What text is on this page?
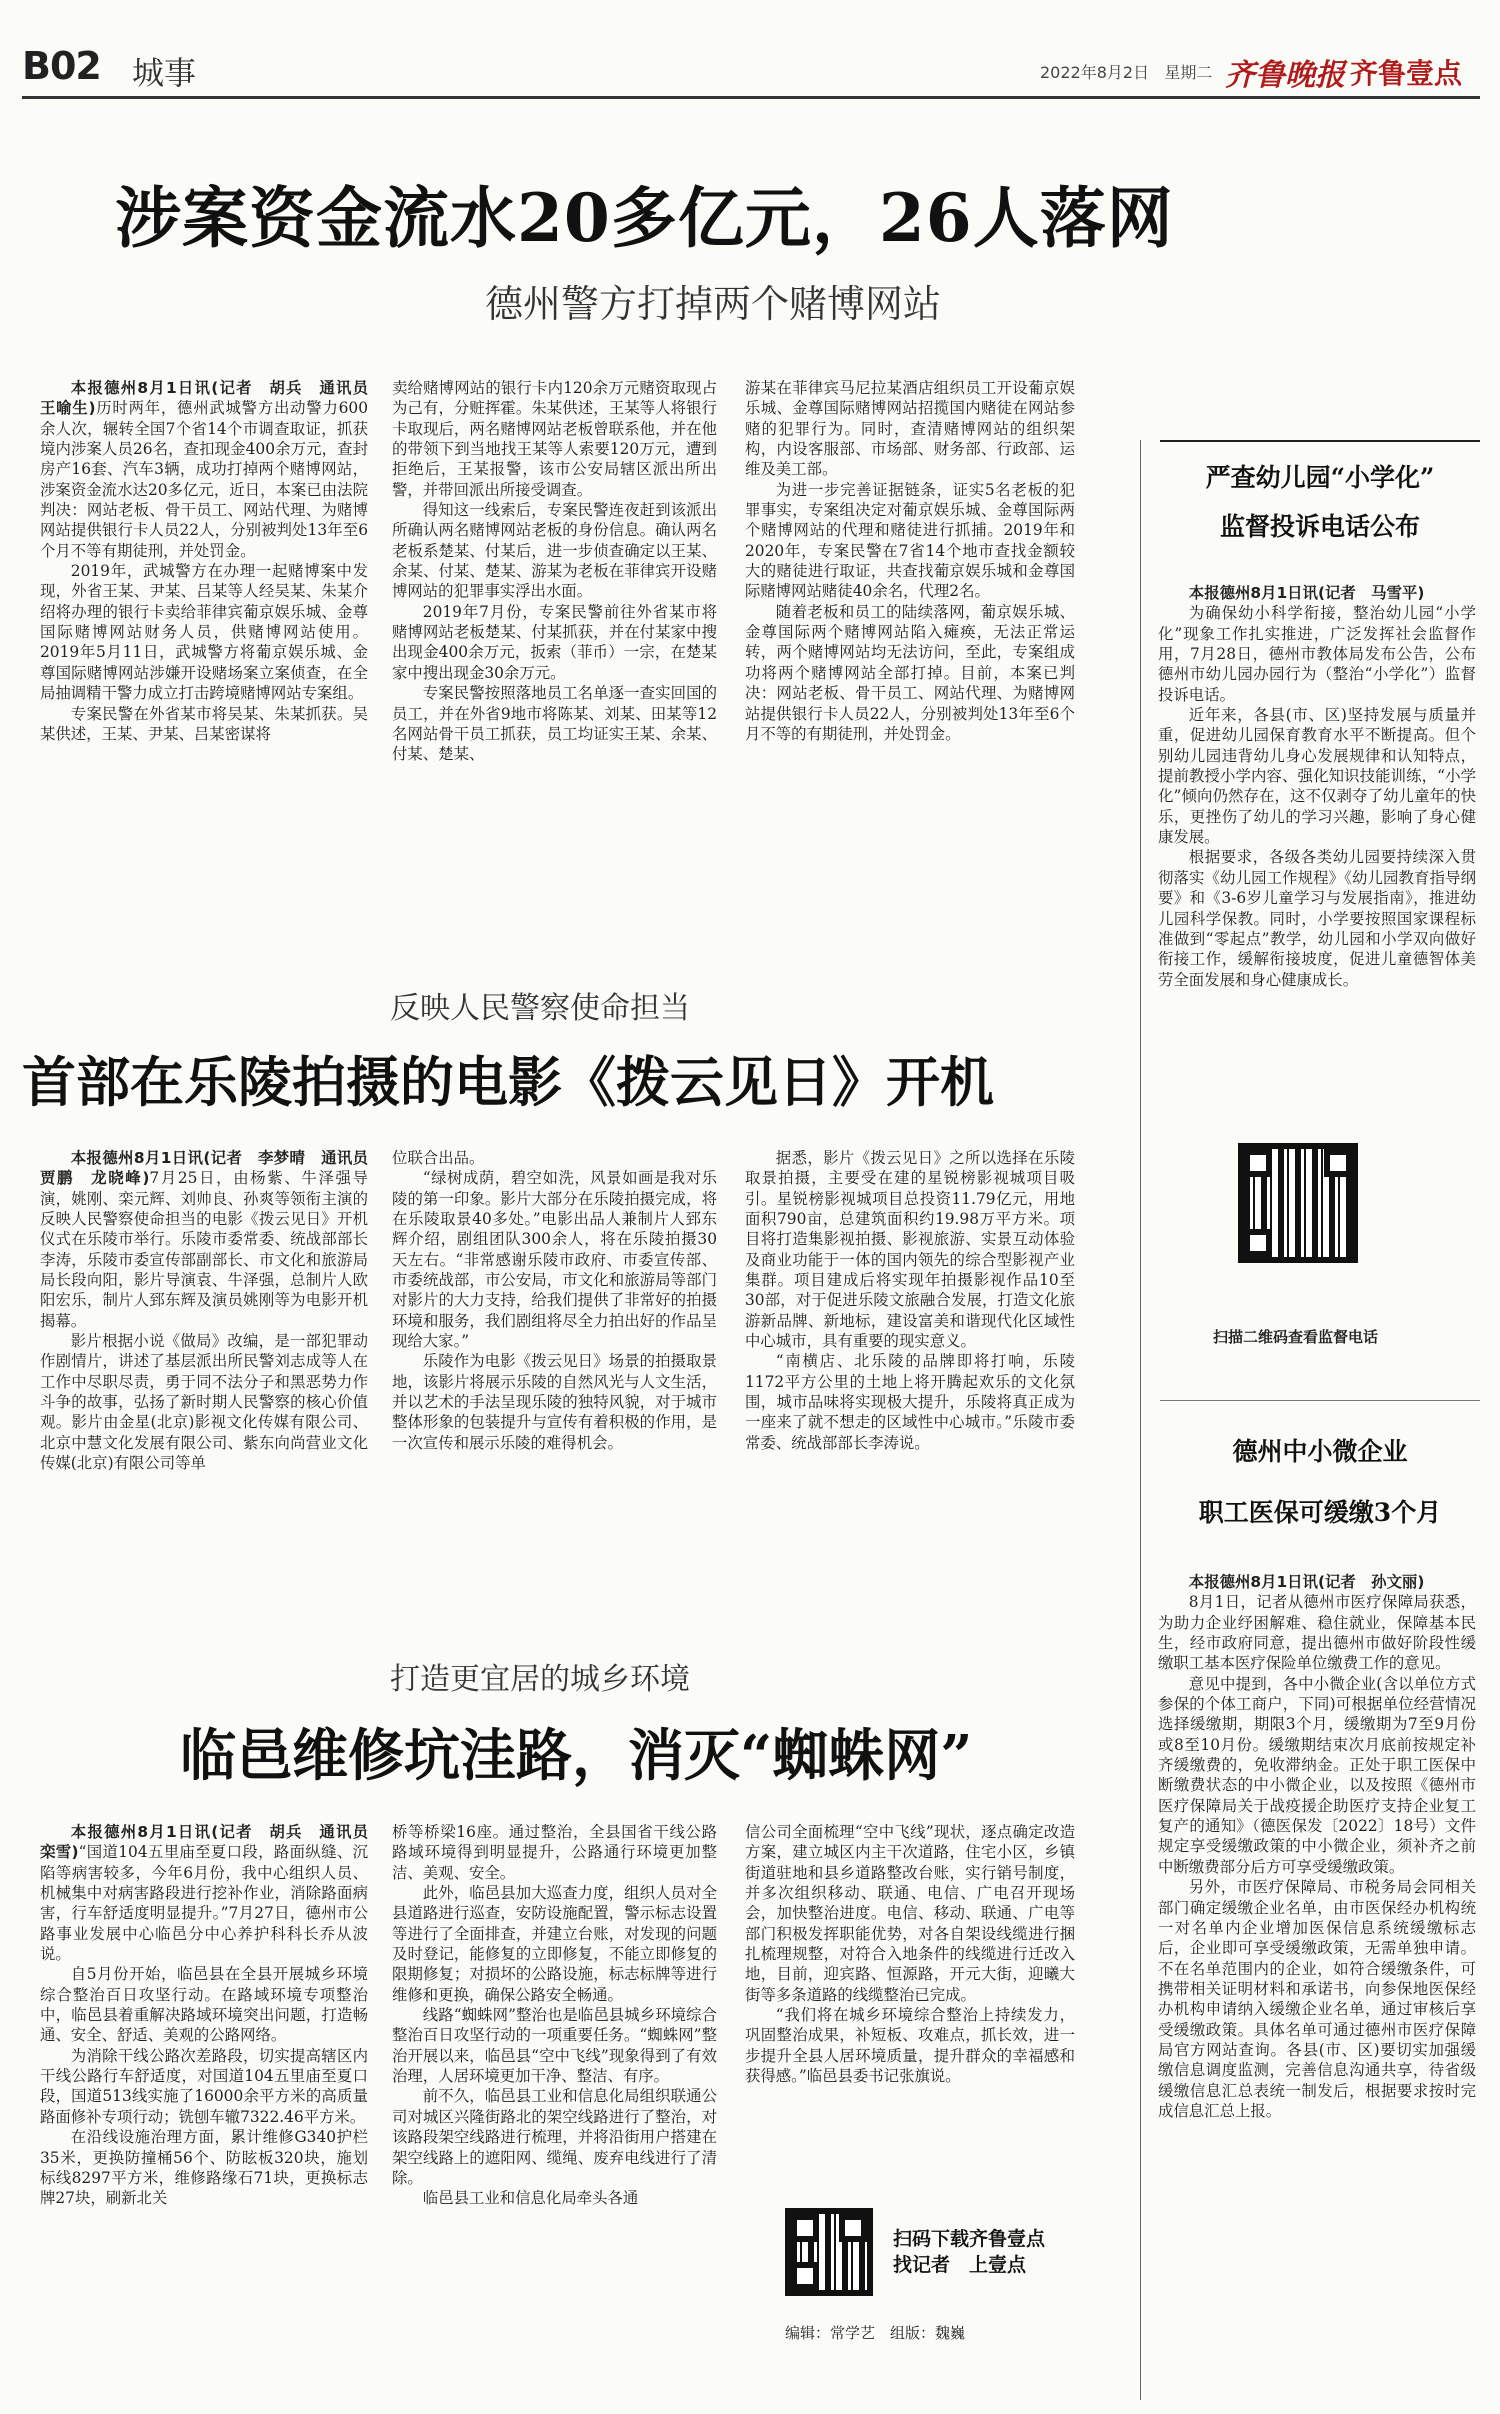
B02 城事	2022年8月2日   星期二 齐鲁晚报 齐鲁壹点
涉案资金流水20多亿元，26人落网
德州警方打掉两个赌博网站

本报德州8月1日讯(记者　胡兵　通讯员　王喻生)历时两年，德州武城警方出动警力600余人次，辗转全国7个省14个市调查取证，抓获境内涉案人员26名，查扣现金400余万元，查封房产16套、汽车3辆，成功打掉两个赌博网站，涉案资金流水达20多亿元，近日，本案已由法院判决：网站老板、骨干员工、网站代理、为赌博网站提供银行卡人员22人，分别被判处13年至6个月不等有期徒刑，并处罚金。

2019年，武城警方在办理一起赌博案中发现，外省王某、尹某、吕某等人经吴某、朱某介绍将办理的银行卡卖给菲律宾葡京娱乐城、金尊国际赌博网站财务人员，供赌博网站使用。2019年5月11日，武城警方将葡京娱乐城、金尊国际赌博网站涉嫌开设赌场案立案侦查，在全局抽调精干警力成立打击跨境赌博网站专案组。

专案民警在外省某市将吴某、朱某抓获。吴某供述，王某、尹某、吕某密谋将

卖给赌博网站的银行卡内120余万元赌资取现占为己有，分赃挥霍。朱某供述，王某等人将银行卡取现后，两名赌博网站老板曾联系他，并在他的带领下到当地找王某等人索要120万元，遭到拒绝后，王某报警，该市公安局辖区派出所出警，并带回派出所接受调查。

得知这一线索后，专案民警连夜赶到该派出所确认两名赌博网站老板的身份信息。确认两名老板系楚某、付某后，进一步侦查确定以王某、余某、付某、楚某、游某为老板在菲律宾开设赌博网站的犯罪事实浮出水面。

2019年7月份，专案民警前往外省某市将赌博网站老板楚某、付某抓获，并在付某家中搜出现金400余万元，扳索（菲币）一宗，在楚某家中搜出现金30余万元。

专案民警按照落地员工名单逐一查实回国的员工，并在外省9地市将陈某、刘某、田某等12名网站骨干员工抓获，员工均证实王某、余某、付某、楚某、

游某在菲律宾马尼拉某酒店组织员工开设葡京娱乐城、金尊国际赌博网站招揽国内赌徒在网站参赌的犯罪行为。同时，查清赌博网站的组织架构，内设客服部、市场部、财务部、行政部、运维及美工部。

为进一步完善证据链条，证实5名老板的犯罪事实，专案组决定对葡京娱乐城、金尊国际两个赌博网站的代理和赌徒进行抓捕。2019年和2020年，专案民警在7省14个地市查找金额较大的赌徒进行取证，共查找葡京娱乐城和金尊国际赌博网站赌徒40余名，代理2名。

随着老板和员工的陆续落网，葡京娱乐城、金尊国际两个赌博网站陷入瘫痪，无法正常运转，两个赌博网站均无法访问，至此，专案组成功将两个赌博网站全部打掉。目前，本案已判决：网站老板、骨干员工、网站代理、为赌博网站提供银行卡人员22人，分别被判处13年至6个月不等的有期徒刑，并处罚金。

反映人民警察使命担当
首部在乐陵拍摄的电影《拨云见日》开机

本报德州8月1日讯(记者　李梦晴　通讯员　贾鹏　龙晓峰)7月25日，由杨紫、牛泽强导演，姚刚、栾元辉、刘帅良、孙爽等领衔主演的反映人民警察使命担当的电影《拨云见日》开机仪式在乐陵市举行。乐陵市委常委、统战部部长李涛，乐陵市委宣传部副部长、市文化和旅游局局长段向阳，影片导演袁、牛泽强，总制片人欧阳宏乐，制片人郅东辉及演员姚刚等为电影开机揭幕。

影片根据小说《做局》改编，是一部犯罪动作剧情片，讲述了基层派出所民警刘志成等人在工作中尽职尽责，勇于同不法分子和黑恶势力作斗争的故事，弘扬了新时期人民警察的核心价值观。影片由金星(北京)影视文化传媒有限公司、北京中慧文化发展有限公司、紫东向尚营业文化传媒(北京)有限公司等单

位联合出品。

“绿树成荫，碧空如洗，风景如画是我对乐陵的第一印象。影片大部分在乐陵拍摄完成，将在乐陵取景40多处。”电影出品人兼制片人郅东辉介绍，剧组团队300余人，将在乐陵拍摄30天左右。“非常感谢乐陵市政府、市委宣传部、市委统战部，市公安局，市文化和旅游局等部门对影片的大力支持，给我们提供了非常好的拍摄环境和服务，我们剧组将尽全力拍出好的作品呈现给大家。”

乐陵作为电影《拨云见日》场景的拍摄取景地，该影片将展示乐陵的自然风光与人文生活，并以艺术的手法呈现乐陵的独特风貌，对于城市整体形象的包装提升与宣传有着积极的作用，是一次宣传和展示乐陵的难得机会。

据悉，影片《拨云见日》之所以选择在乐陵取景拍摄，主要受在建的星锐榜影视城项目吸引。星锐榜影视城项目总投资11.79亿元，用地面积790亩，总建筑面积约19.98万平方米。项目将打造集影视拍摄、影视旅游、实景互动体验及商业功能于一体的国内领先的综合型影视产业集群。项目建成后将实现年拍摄影视作品10至30部，对于促进乐陵文旅融合发展，打造文化旅游新品牌、新地标，建设富美和谐现代化区域性中心城市，具有重要的现实意义。

“南横店、北乐陵的品牌即将打响，乐陵1172平方公里的土地上将开腾起欢乐的文化氛围，城市品味将实现极大提升，乐陵将真正成为一座来了就不想走的区域性中心城市。”乐陵市委常委、统战部部长李涛说。

打造更宜居的城乡环境
临邑维修坑洼路，消灭“蜘蛛网”

本报德州8月1日讯(记者　胡兵　通讯员　栾雪)“国道104五里庙至夏口段，路面纵缝、沉陷等病害较多，今年6月份，我中心组织人员、机械集中对病害路段进行挖补作业，消除路面病害，行车舒适度明显提升。”7月27日，德州市公路事业发展中心临邑分中心养护科科长乔从波说。

自5月份开始，临邑县在全县开展城乡环境综合整治百日攻坚行动。在路域环境专项整治中，临邑县着重解决路域环境突出问题，打造畅通、安全、舒适、美观的公路网络。

为消除干线公路次差路段，切实提高辖区内干线公路行车舒适度，对国道104五里庙至夏口段，国道513线实施了16000余平方米的高质量路面修补专项行动；铣刨车辙7322.46平方米。

在沿线设施治理方面，累计维修G340护栏35米，更换防撞桶56个、防眩板320块，施划标线8297平方米，维修路缘石71块，更换标志牌27块，刷新北关

桥等桥梁16座。通过整治，全县国省干线公路路域环境得到明显提升，公路通行环境更加整洁、美观、安全。

此外，临邑县加大巡查力度，组织人员对全县道路进行巡查，安防设施配置，警示标志设置等进行了全面排查，并建立台账，对发现的问题及时登记，能修复的立即修复，不能立即修复的限期修复；对损坏的公路设施，标志标牌等进行维修和更换，确保公路安全畅通。

线路“蜘蛛网”整治也是临邑县城乡环境综合整治百日攻坚行动的一项重要任务。“蜘蛛网”整治开展以来，临邑县“空中飞线”现象得到了有效治理，人居环境更加干净、整洁、有序。

前不久，临邑县工业和信息化局组织联通公司对城区兴隆街路北的架空线路进行了整治，对该路段架空线路进行梳理，并将沿街用户搭建在架空线路上的遮阳网、缆绳、废弃电线进行了清除。

临邑县工业和信息化局牵头各通

信公司全面梳理“空中飞线”现状，逐点确定改造方案，建立城区内主干次道路，住宅小区，乡镇街道驻地和县乡道路整改台账，实行销号制度，并多次组织移动、联通、电信、广电召开现场会，加快整治进度。电信、移动、联通、广电等部门积极发挥职能优势，对各自架设线缆进行捆扎梳理规整，对符合入地条件的线缆进行迁改入地，目前，迎宾路、恒源路，开元大街，迎曦大街等多条道路的线缆整治已完成。

“我们将在城乡环境综合整治上持续发力，巩固整治成果，补短板、攻难点，抓长效，进一步提升全县人居环境质量，提升群众的幸福感和获得感。”临邑县委书记张旗说。

扫码下载齐鲁壹点
找记者　上壹点
编辑：常学艺　组版：魏巍
严查幼儿园“小学化”
监督投诉电话公布

本报德州8月1日讯(记者　马雪平)

为确保幼小科学衔接，整治幼儿园“小学化”现象工作扎实推进，广泛发挥社会监督作用，7月28日，德州市教体局发布公告，公布德州市幼儿园办园行为（整治“小学化”）监督投诉电话。

近年来，各县(市、区)坚持发展与质量并重，促进幼儿园保育教育水平不断提高。但个别幼儿园违背幼儿身心发展规律和认知特点，提前教授小学内容、强化知识技能训练，“小学化”倾向仍然存在，这不仅剥夺了幼儿童年的快乐，更挫伤了幼儿的学习兴趣，影响了身心健康发展。

根据要求，各级各类幼儿园要持续深入贯彻落实《幼儿园工作规程》《幼儿园教育指导纲要》和《3-6岁儿童学习与发展指南》，推进幼儿园科学保教。同时，小学要按照国家课程标准做到“零起点”教学，幼儿园和小学双向做好衔接工作，缓解衔接坡度，促进儿童德智体美劳全面发展和身心健康成长。

扫描二维码查看监督电话
德州中小微企业
职工医保可缓缴3个月

本报德州8月1日讯(记者　孙文丽)

8月1日，记者从德州市医疗保障局获悉，为助力企业纾困解难、稳住就业，保障基本民生，经市政府同意，提出德州市做好阶段性缓缴职工基本医疗保险单位缴费工作的意见。

意见中提到，各中小微企业(含以单位方式参保的个体工商户，下同)可根据单位经营情况选择缓缴期，期限3个月，缓缴期为7至9月份或8至10月份。缓缴期结束次月底前按规定补齐缓缴费的，免收滞纳金。正处于职工医保中断缴费状态的中小微企业，以及按照《德州市医疗保障局关于战疫援企助医疗支持企业复工复产的通知》（德医保发〔2022〕18号）文件规定享受缓缴政策的中小微企业，须补齐之前中断缴费部分后方可享受缓缴政策。

另外，市医疗保障局、市税务局会同相关部门确定缓缴企业名单，由市医保经办机构统一对名单内企业增加医保信息系统缓缴标志后，企业即可享受缓缴政策，无需单独申请。不在名单范围内的企业，如符合缓缴条件，可携带相关证明材料和承诺书，向参保地医保经办机构申请纳入缓缴企业名单，通过审核后享受缓缴政策。具体名单可通过德州市医疗保障局官方网站查询。各县(市、区)要切实加强缓缴信息调度监测，完善信息沟通共享，待省级缓缴信息汇总表统一制发后，根据要求按时完成信息汇总上报。
